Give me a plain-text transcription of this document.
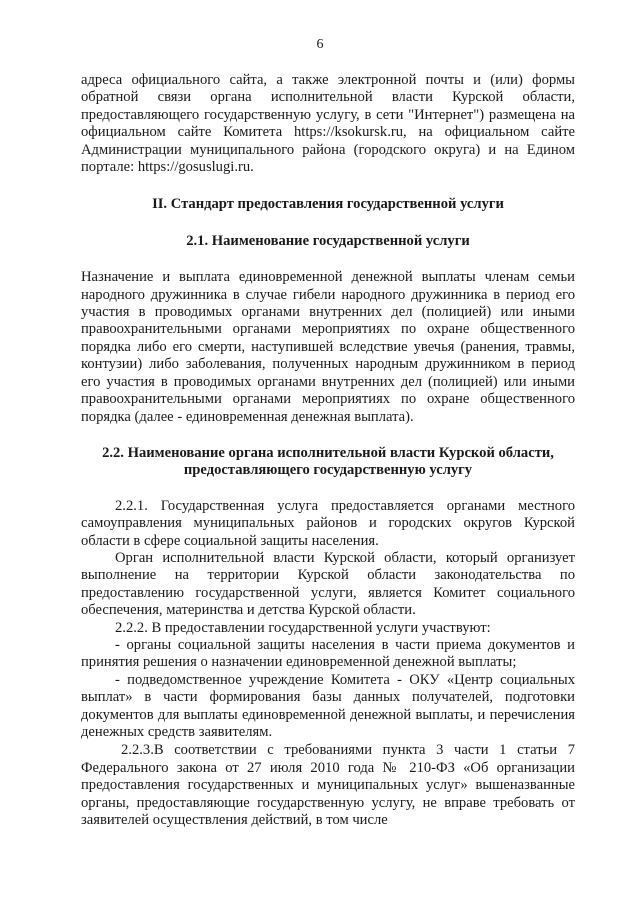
6

адреса официального сайта, а также электронной почты и (или) формы обратной связи органа исполнительной власти Курской области, предоставляющего государственную услугу, в сети "Интернет") размещена на официальном сайте Комитета https://ksokursk.ru, на официальном сайте Администрации муниципального района (городского округа) и на Едином портале: https://gosuslugi.ru.

II. Стандарт предоставления государственной услуги

2.1. Наименование государственной услуги

Назначение и выплата единовременной денежной выплаты членам семьи народного дружинника в случае гибели народного дружинника в период его участия в проводимых органами внутренних дел (полицией) или иными правоохранительными органами мероприятиях по охране общественного порядка либо его смерти, наступившей вследствие увечья (ранения, травмы, контузии) либо заболевания, полученных народным дружинником в период его участия в проводимых органами внутренних дел (полицией) или иными правоохранительными органами мероприятиях по охране общественного порядка (далее - единовременная денежная выплата).

2.2. Наименование органа исполнительной власти Курской области, предоставляющего государственную услугу

2.2.1. Государственная услуга предоставляется органами местного самоуправления муниципальных районов и городских округов Курской области в сфере социальной защиты населения.

Орган исполнительной власти Курской области, который организует выполнение на территории Курской области законодательства по предоставлению государственной услуги, является Комитет социального обеспечения, материнства и детства Курской области.

2.2.2. В предоставлении государственной услуги участвуют:

- органы социальной защиты населения в части приема документов и принятия решения о назначении единовременной денежной выплаты;

- подведомственное учреждение Комитета - ОКУ «Центр социальных выплат» в части формирования базы данных получателей, подготовки документов для выплаты единовременной денежной выплаты, и перечисления денежных средств заявителям.

2.2.3.В соответствии с требованиями пункта 3 части 1 статьи 7 Федерального закона от 27 июля 2010 года № 210-ФЗ «Об организации предоставления государственных и муниципальных услуг» вышеназванные органы, предоставляющие государственную услугу, не вправе требовать от заявителей осуществления действий, в том числе
